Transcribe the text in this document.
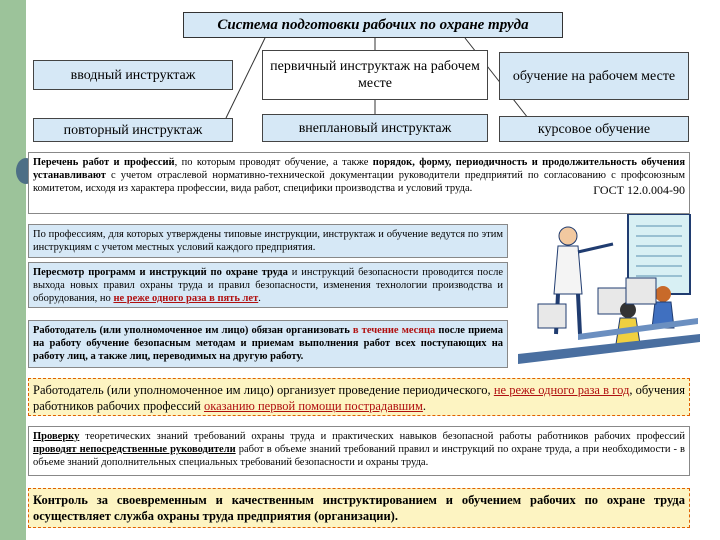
Система подготовки рабочих по охране труда
вводный инструктаж
первичный инструктаж на рабочем месте	обучение на рабочем месте
повторный инструктаж	внеплановый инструктаж	курсовое обучение
Перечень работ и профессий, по которым проводят обучение, а также порядок, форму, периодичность и продолжительность обучения устанавливают с учетом отраслевой нормативно-технической документации руководители предприятий по согласованию с профсоюзным комитетом, исходя из характера профессии, вида работ, специфики производства и условий труда.	ГОСТ 12.0.004-90
По профессиям, для которых утверждены типовые инструкции, инструктаж и обучение ведутся по этим инструкциям с учетом местных условий каждого предприятия.
Пересмотр программ и инструкций по охране труда и инструкций безопасности проводится после выхода новых правил охраны труда и правил безопасности, изменения технологии производства и оборудования, но не реже одного раза в пять лет.
Работодатель (или уполномоченное им лицо) обязан организовать в течение месяца после приема на работу обучение безопасным методам и приемам выполнения работ всех поступающих на работу лиц, а также лиц, переводимых на другую работу.
Работодатель (или уполномоченное им лицо) организует проведение периодического, не реже одного раза в год, обучения работников рабочих профессий оказанию первой помощи пострадавшим.
Проверку теоретических знаний требований охраны труда и практических навыков безопасной работы работников рабочих профессий проводят непосредственные руководители работ в объеме знаний требований правил и инструкций по охране труда, а при необходимости - в объеме знаний дополнительных специальных требований безопасности и охраны труда.
Контроль за своевременным и качественным инструктированием и обучением рабочих по охране труда осуществляет служба охраны труда предприятия (организации).
